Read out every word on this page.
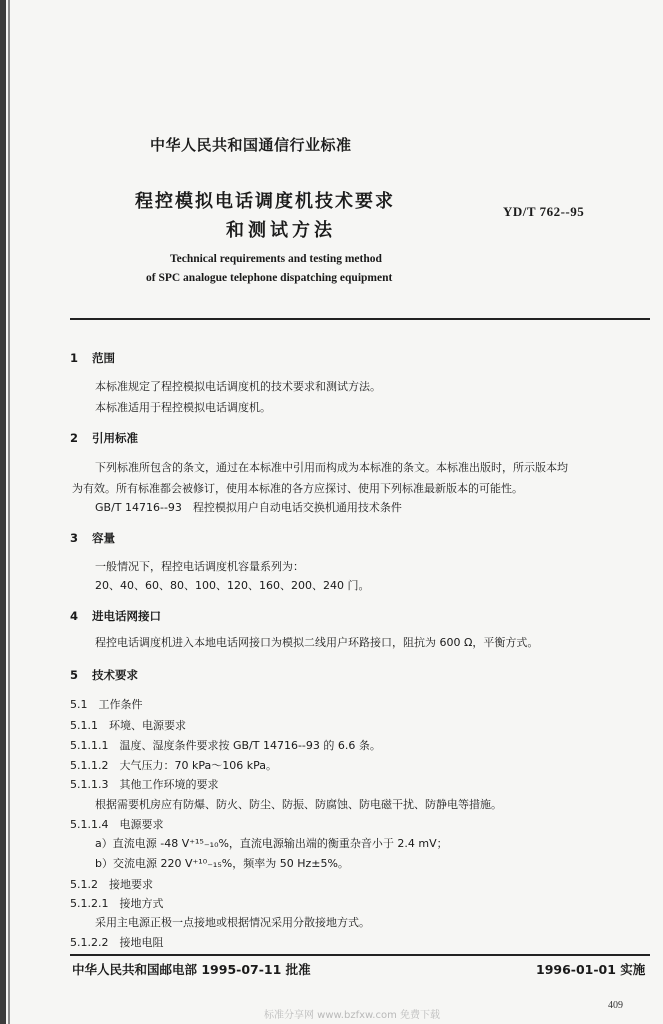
中华人民共和国通信行业标准
程控模拟电话调度机技术要求
和测试方法
YD/T 762--95
Technical requirements and testing method
of SPC analogue telephone dispatching equipment
1 范围
本标准规定了程控模拟电话调度机的技术要求和测试方法。
本标准适用于程控模拟电话调度机。
2 引用标准
下列标准所包含的条文，通过在本标准中引用而构成为本标准的条文。本标准出版时，所示版本均
为有效。所有标准都会被修订，使用本标准的各方应探讨、使用下列标准最新版本的可能性。
GB/T 14716--93　程控模拟用户自动电话交换机通用技术条件
3 容量
一般情况下，程控电话调度机容量系列为：
20、40、60、80、100、120、160、200、240 门。
4 进电话网接口
程控电话调度机进入本地电话网接口为模拟二线用户环路接口，阻抗为 600 Ω，平衡方式。
5 技术要求
5.1　工作条件
5.1.1　环境、电源要求
5.1.1.1　温度、湿度条件要求按 GB/T 14716--93 的 6.6 条。
5.1.1.2　大气压力：70 kPa～106 kPa。
5.1.1.3　其他工作环境的要求
根据需要机房应有防爆、防火、防尘、防振、防腐蚀、防电磁干扰、防静电等措施。
5.1.1.4　电源要求
a）直流电源 -48 V⁺¹⁵₋₁₀%，直流电源输出端的衡重杂音小于 2.4 mV；
b）交流电源 220 V⁺¹⁰₋₁₅%，频率为 50 Hz±5%。
5.1.2　接地要求
5.1.2.1　接地方式
采用主电源正极一点接地或根据情况采用分散接地方式。
5.1.2.2　接地电阻
中华人民共和国邮电部 1995-07-11 批准	1996-01-01 实施
409
标准分享网 www.bzfxw.com 免费下载
